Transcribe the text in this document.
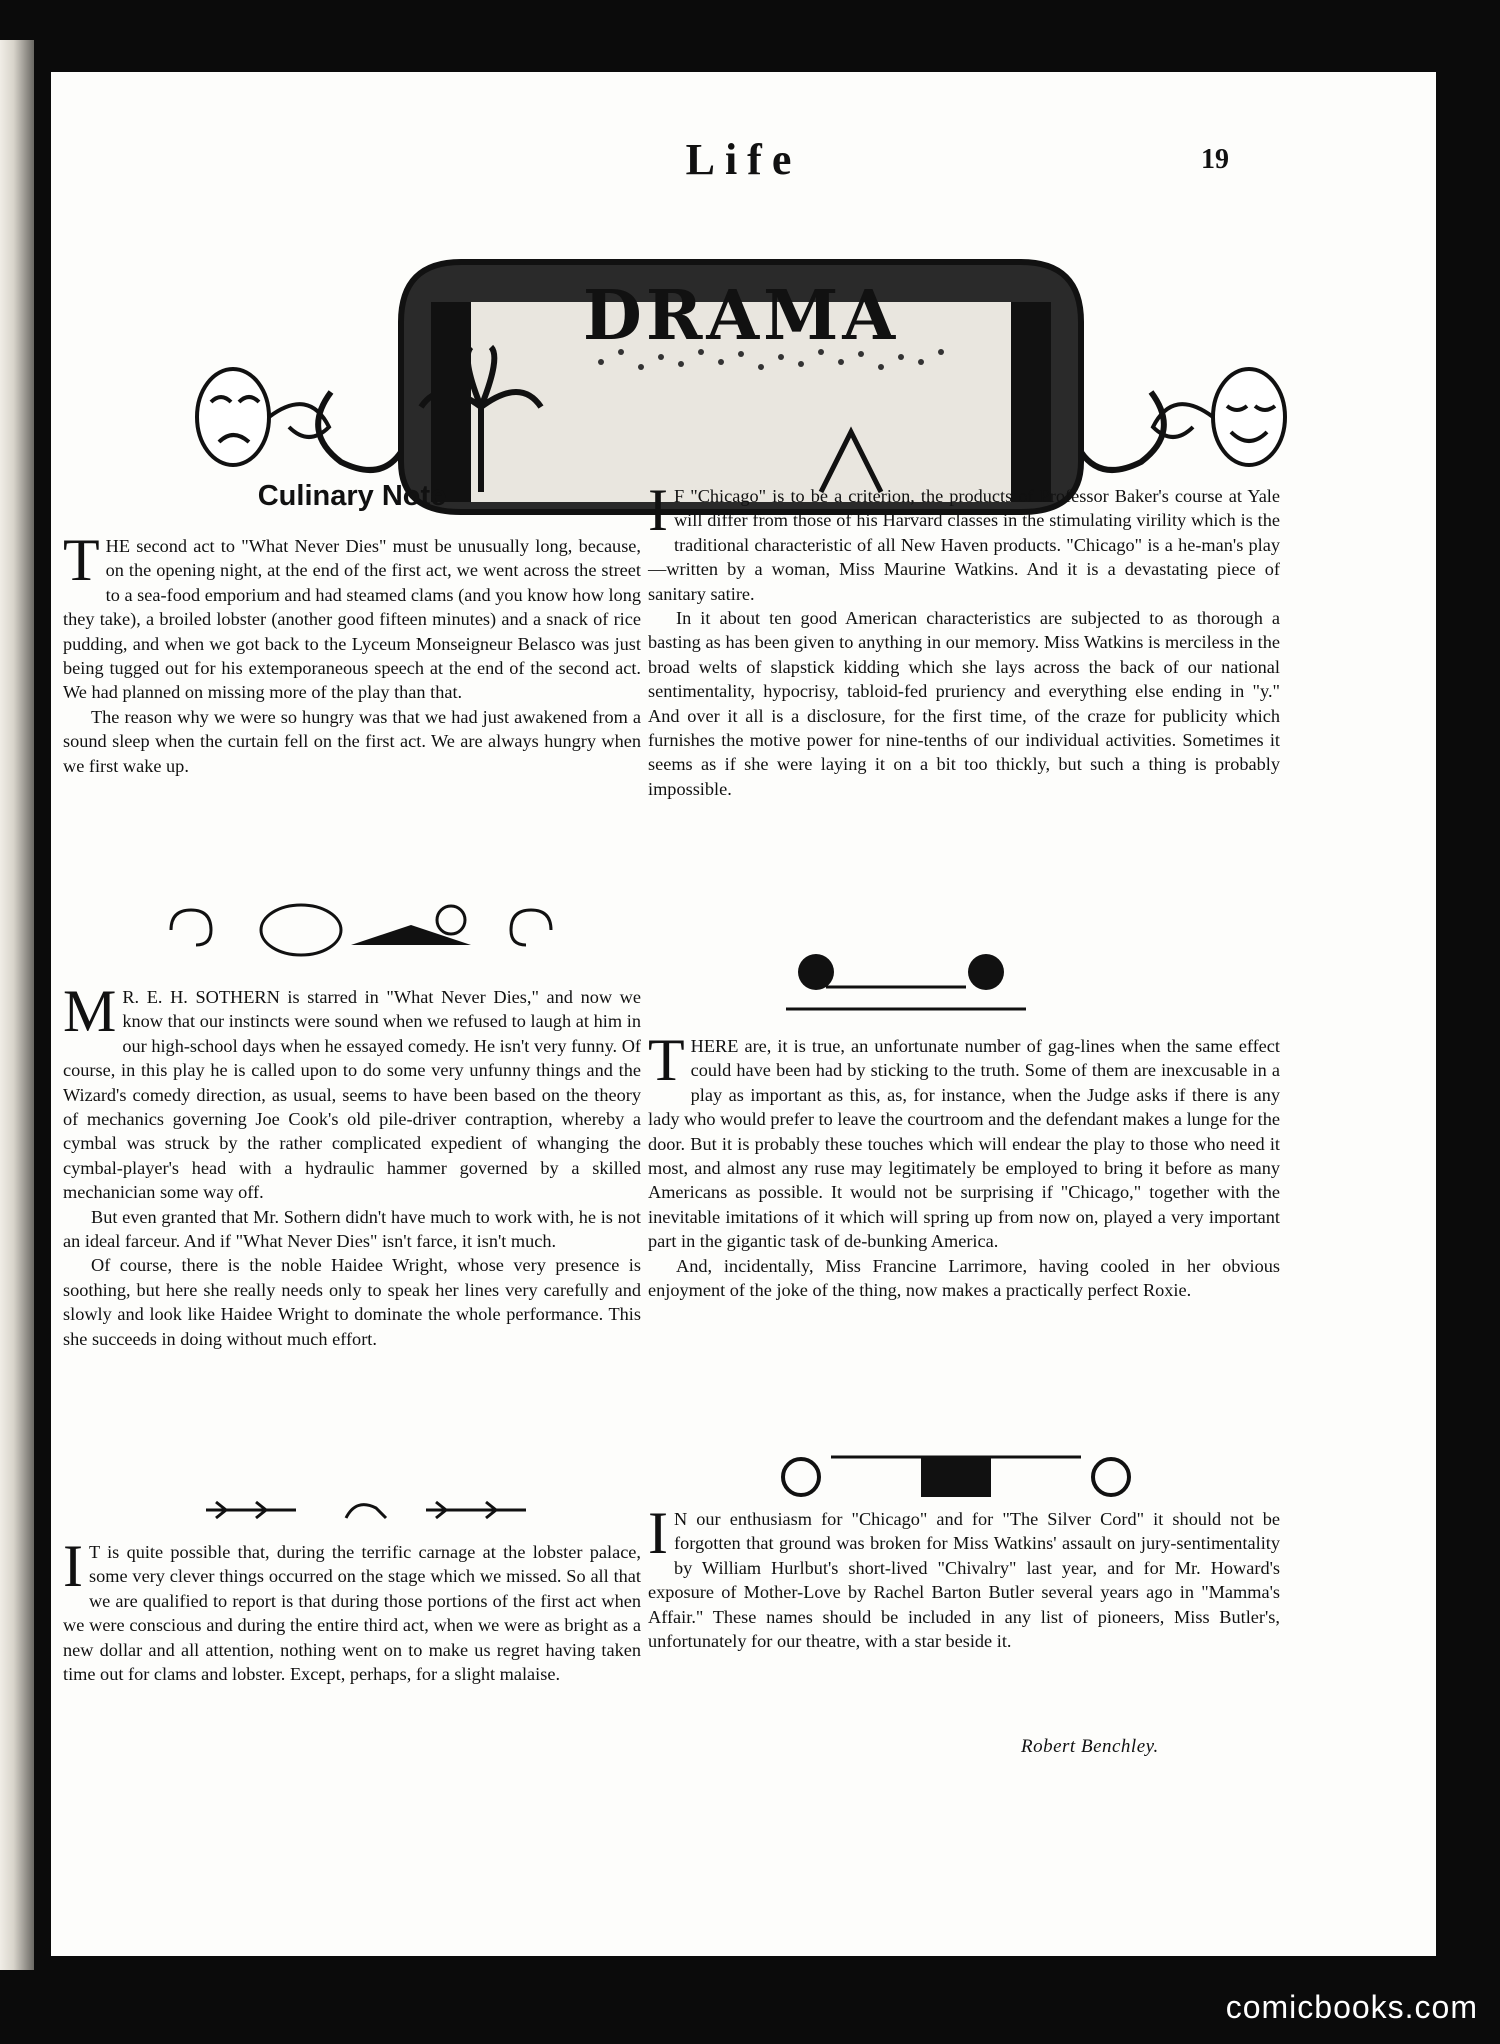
Life	19
DRAMA
Culinary Note

THE second act to "What Never Dies" must be unusually long, because, on the opening night, at the end of the first act, we went across the street to a sea-food emporium and had steamed clams (and you know how long they take), a broiled lobster (another good fifteen minutes) and a snack of rice pudding, and when we got back to the Lyceum Monseigneur Belasco was just being tugged out for his extemporaneous speech at the end of the second act. We had planned on missing more of the play than that.

The reason why we were so hungry was that we had just awakened from a sound sleep when the curtain fell on the first act. We are always hungry when we first wake up.

M R. E. H. SOTHERN is starred in "What Never Dies," and now we know that our instincts were sound when we refused to laugh at him in our high-school days when he essayed comedy. He isn't very funny. Of course, in this play he is called upon to do some very unfunny things and the Wizard's comedy direction, as usual, seems to have been based on the theory of mechanics governing Joe Cook's old pile-driver contraption, whereby a cymbal was struck by the rather complicated expedient of whanging the cymbal-player's head with a hydraulic hammer governed by a skilled mechanician some way off.

But even granted that Mr. Sothern didn't have much to work with, he is not an ideal farceur. And if "What Never Dies" isn't farce, it isn't much.

Of course, there is the noble Haidee Wright, whose very presence is soothing, but here she really needs only to speak her lines very carefully and slowly and look like Haidee Wright to dominate the whole performance. This she succeeds in doing without much effort.

I T is quite possible that, during the terrific carnage at the lobster palace, some very clever things occurred on the stage which we missed. So all that we are qualified to report is that during those portions of the first act when we were conscious and during the entire third act, when we were as bright as a new dollar and all attention, nothing went on to make us regret having taken time out for clams and lobster. Except, perhaps, for a slight malaise.

I F "Chicago" is to be a criterion, the products of Professor Baker's course at Yale will differ from those of his Harvard classes in the stimulating virility which is the traditional characteristic of all New Haven products. "Chicago" is a he-man's play—written by a woman, Miss Maurine Watkins. And it is a devastating piece of sanitary satire.

In it about ten good American characteristics are subjected to as thorough a basting as has been given to anything in our memory. Miss Watkins is merciless in the broad welts of slapstick kidding which she lays across the back of our national sentimentality, hypocrisy, tabloid-fed pruriency and everything else ending in "y." And over it all is a disclosure, for the first time, of the craze for publicity which furnishes the motive power for nine-tenths of our individual activities. Sometimes it seems as if she were laying it on a bit too thickly, but such a thing is probably impossible.

THERE are, it is true, an unfortunate number of gag-lines when the same effect could have been had by sticking to the truth. Some of them are inexcusable in a play as important as this, as, for instance, when the Judge asks if there is any lady who would prefer to leave the courtroom and the defendant makes a lunge for the door. But it is probably these touches which will endear the play to those who need it most, and almost any ruse may legitimately be employed to bring it before as many Americans as possible. It would not be surprising if "Chicago," together with the inevitable imitations of it which will spring up from now on, played a very important part in the gigantic task of de-bunking America.

And, incidentally, Miss Francine Larrimore, having cooled in her obvious enjoyment of the joke of the thing, now makes a practically perfect Roxie.

I N our enthusiasm for "Chicago" and for "The Silver Cord" it should not be forgotten that ground was broken for Miss Watkins' assault on jury-sentimentality by William Hurlbut's short-lived "Chivalry" last year, and for Mr. Howard's exposure of Mother-Love by Rachel Barton Butler several years ago in "Mamma's Affair." These names should be included in any list of pioneers, Miss Butler's, unfortunately for our theatre, with a star beside it.

Robert Benchley.
comicbooks.com
